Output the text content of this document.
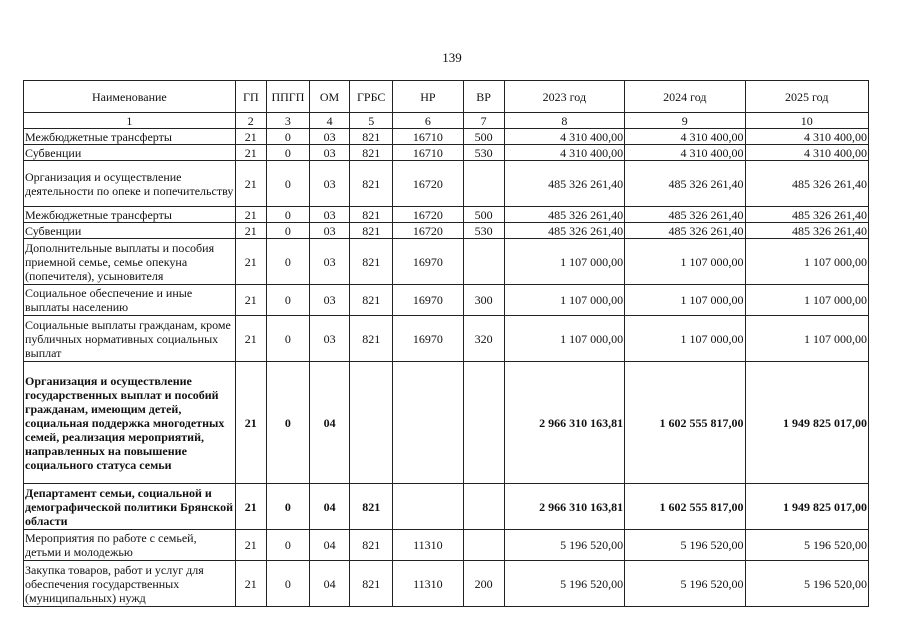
139
Наименование	ГП	ППГП	ОМ	ГРБС	НР	ВР	2023 год	2024 год	2025 год
1	2	3	4	5	6	7	8	9	10
Межбюджетные трансферты	21	0	03	821	16710	500	4 310 400,00	4 310 400,00	4 310 400,00
Субвенции	21	0	03	821	16710	530	4 310 400,00	4 310 400,00	4 310 400,00
Организация и осуществление деятельности по опеке и попечительству	21	0	03	821	16720		485 326 261,40	485 326 261,40	485 326 261,40
Межбюджетные трансферты	21	0	03	821	16720	500	485 326 261,40	485 326 261,40	485 326 261,40
Субвенции	21	0	03	821	16720	530	485 326 261,40	485 326 261,40	485 326 261,40
Дополнительные выплаты и пособия приемной семье, семье опекуна (попечителя), усыновителя	21	0	03	821	16970		1 107 000,00	1 107 000,00	1 107 000,00
Социальное обеспечение и иные выплаты населению	21	0	03	821	16970	300	1 107 000,00	1 107 000,00	1 107 000,00
Социальные выплаты гражданам, кроме публичных нормативных социальных выплат	21	0	03	821	16970	320	1 107 000,00	1 107 000,00	1 107 000,00
Организация и осуществление государственных выплат и пособий гражданам, имеющим детей, социальная поддержка многодетных семей, реализация мероприятий, направленных на повышение социального статуса семьи	21	0	04				2 966 310 163,81	1 602 555 817,00	1 949 825 017,00
Департамент семьи, социальной и демографической политики Брянской области	21	0	04	821			2 966 310 163,81	1 602 555 817,00	1 949 825 017,00
Мероприятия по работе с семьей, детьми и молодежью	21	0	04	821	11310		5 196 520,00	5 196 520,00	5 196 520,00
Закупка товаров, работ и услуг для обеспечения государственных (муниципальных) нужд	21	0	04	821	11310	200	5 196 520,00	5 196 520,00	5 196 520,00
